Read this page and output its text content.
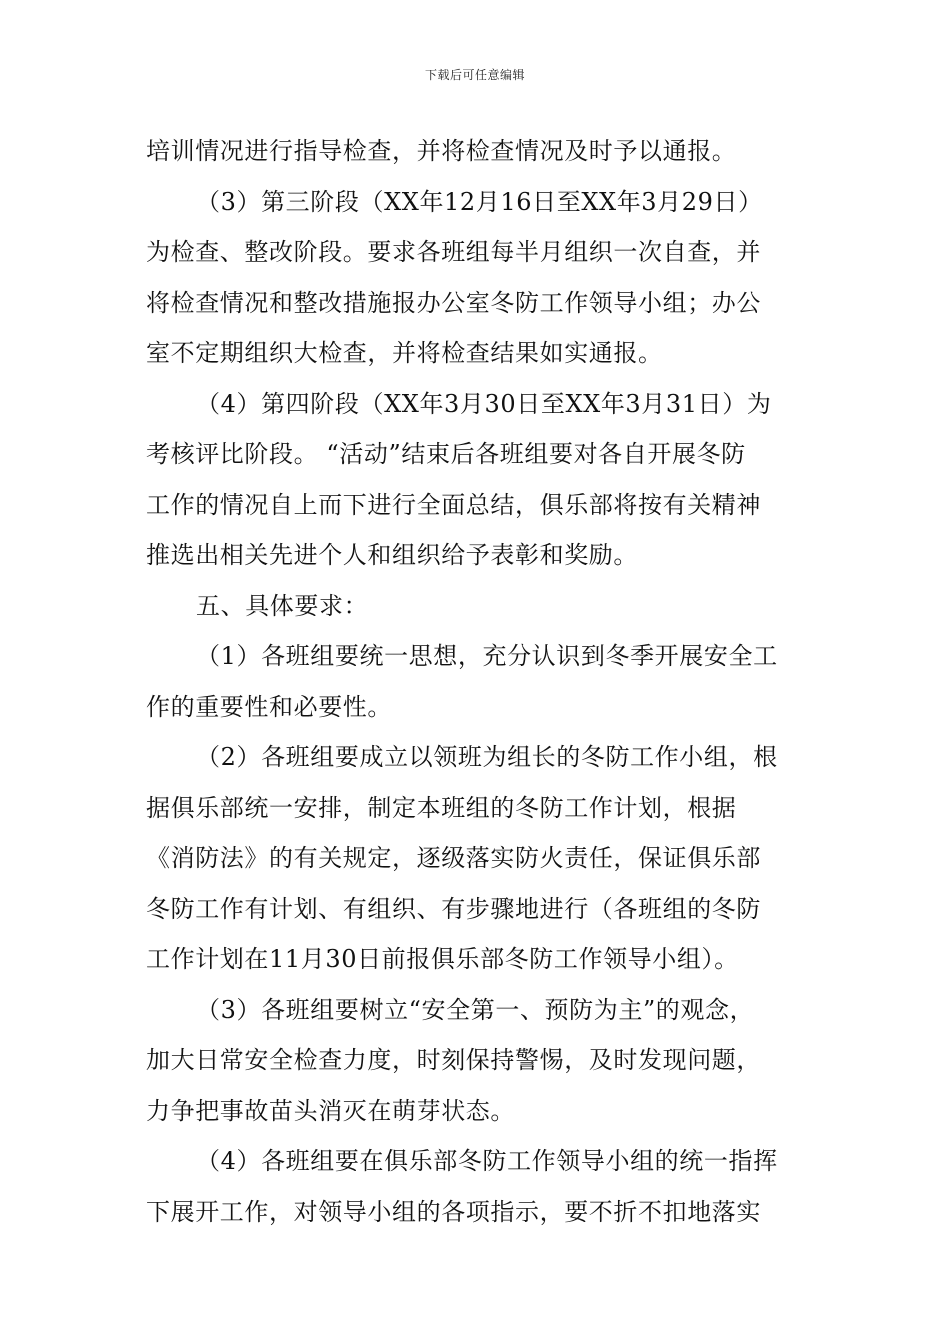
下载后可任意编辑
培训情况进行指导检查，并将检查情况及时予以通报。
（3）第三阶段（XX年12月16日至XX年3月29日）
为检查、整改阶段。要求各班组每半月组织一次自查，并
将检查情况和整改措施报办公室冬防工作领导小组；办公
室不定期组织大检查，并将检查结果如实通报。
（4）第四阶段（XX年3月30日至XX年3月31日）为
考核评比阶段。 “活动”结束后各班组要对各自开展冬防
工作的情况自上而下进行全面总结，俱乐部将按有关精神
推选出相关先进个人和组织给予表彰和奖励。
五、具体要求：
（1）各班组要统一思想，充分认识到冬季开展安全工
作的重要性和必要性。
（2）各班组要成立以领班为组长的冬防工作小组，根
据俱乐部统一安排，制定本班组的冬防工作计划，根据
《消防法》的有关规定，逐级落实防火责任，保证俱乐部
冬防工作有计划、有组织、有步骤地进行（各班组的冬防
工作计划在11月30日前报俱乐部冬防工作领导小组）。
（3）各班组要树立“安全第一、预防为主”的观念，
加大日常安全检查力度，时刻保持警惕，及时发现问题，
力争把事故苗头消灭在萌芽状态。
（4）各班组要在俱乐部冬防工作领导小组的统一指挥
下展开工作，对领导小组的各项指示，要不折不扣地落实
